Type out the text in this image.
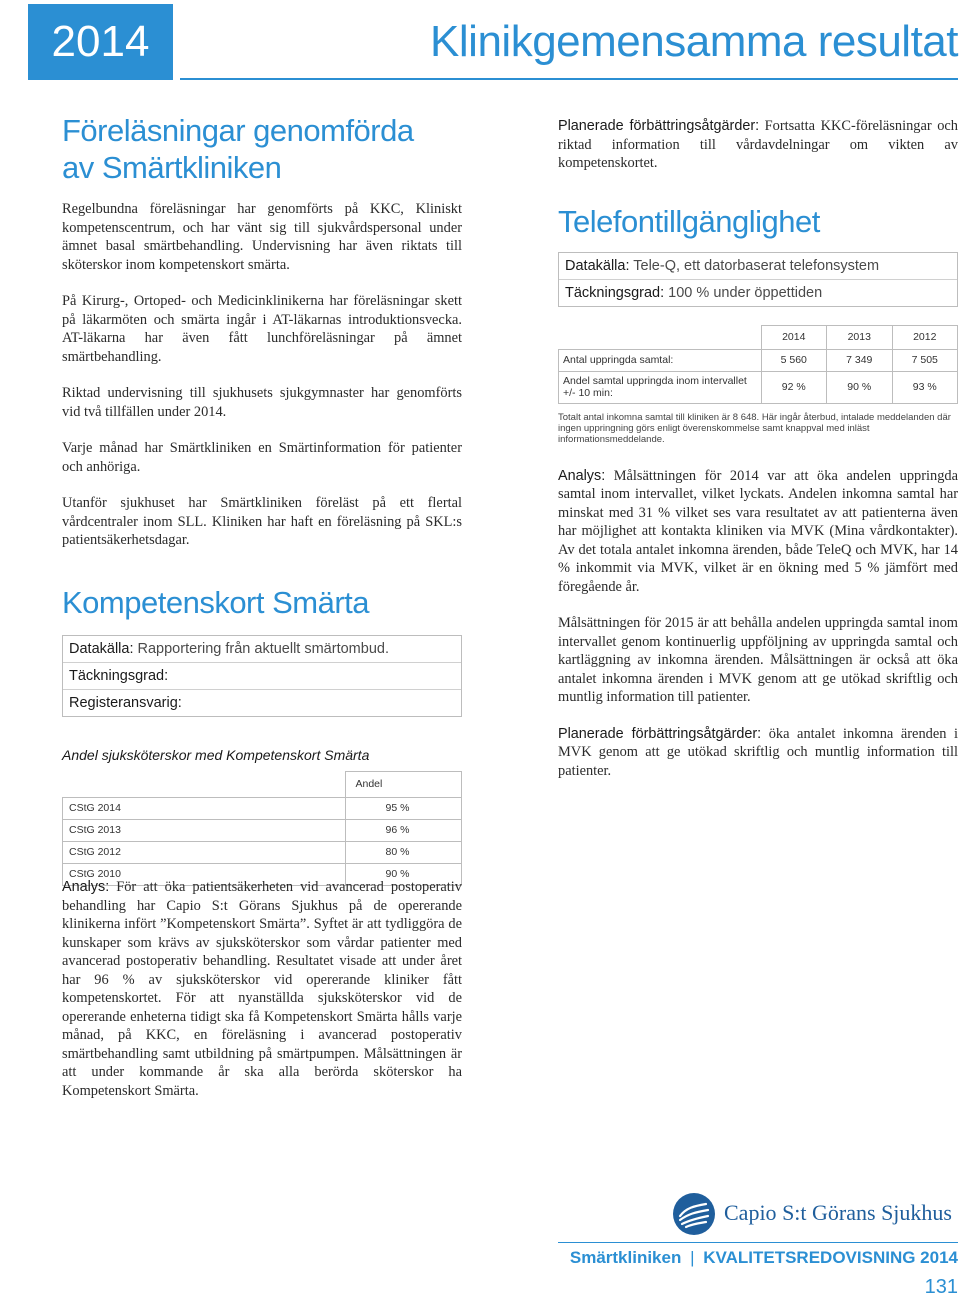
2014	Klinikgemensamma resultat
Föreläsningar genomförda
av Smärtkliniken

Regelbundna föreläsningar har genomförts på KKC, Kliniskt kompetenscentrum, och har vänt sig till sjukvårdspersonal under ämnet basal smärtbehandling. Undervisning har även riktats till sköterskor inom kompetenskort smärta.

På Kirurg-, Ortoped- och Medicinklinikerna har föreläsningar skett på läkarmöten och smärta ingår i AT-läkarnas introduktionsvecka. AT-läkarna har även fått lunchföreläsningar på ämnet smärtbehandling.

Riktad undervisning till sjukhusets sjukgymnaster har genomförts vid två tillfällen under 2014.

Varje månad har Smärtkliniken en Smärtinformation för patienter och anhöriga.

Utanför sjukhuset har Smärtkliniken föreläst på ett flertal vårdcentraler inom SLL. Kliniken har haft en föreläsning på SKL:s patientsäkerhetsdagar.

Kompetenskort Smärta
Datakälla: Rapportering från aktuellt smärtombud.
Täckningsgrad:
Registeransvarig:
Andel sjuksköterskor med Kompetenskort Smärta
	Andel
CStG 2014	95 %
CStG 2013	96 %
CStG 2012	80 %
CStG 2010	90 %

Analys: För att öka patientsäkerheten vid avancerad postoperativ behandling har Capio S:t Görans Sjukhus på de opererande klinikerna infört ”Kompetenskort Smärta”. Syftet är att tydliggöra de kunskaper som krävs av sjuksköterskor som vårdar patienter med avancerad postoperativ behandling. Resultatet visade att under året har 96 % av sjuksköterskor vid opererande kliniker fått kompetenskortet. För att nyanställda sjuksköterskor vid de opererande enheterna tidigt ska få Kompetenskort Smärta hålls varje månad, på KKC, en föreläsning i avancerad postoperativ smärtbehandling samt utbildning på smärtpumpen. Målsättningen är att under kommande år ska alla berörda sköterskor ha Kompetenskort Smärta.

Planerade förbättringsåtgärder: Fortsatta KKC-föreläsningar och riktad information till vårdavdelningar om vikten av kompetenskortet.

Telefontillgänglighet
Datakälla: Tele-Q, ett datorbaserat telefonsystem
Täckningsgrad: 100 % under öppettiden
	2014	2013	2012
Antal uppringda samtal:	5 560	7 349	7 505
Andel samtal uppringda inom intervallet +/- 10 min:	92 %	90 %	93 %
Totalt antal inkomna samtal till kliniken är 8 648. Här ingår återbud, intalade meddelanden där ingen uppringning görs enligt överenskommelse samt knappval med inläst informationsmeddelande.

Analys: Målsättningen för 2014 var att öka andelen uppringda samtal inom intervallet, vilket lyckats. Andelen inkomna samtal har minskat med 31 % vilket ses vara resultatet av att patienterna även har möjlighet att kontakta kliniken via MVK (Mina vårdkontakter). Av det totala antalet inkomna ärenden, både TeleQ och MVK, har 14 % inkommit via MVK, vilket är en ökning med 5 % jämfört med föregående år.

Målsättningen för 2015 är att behålla andelen uppringda samtal inom intervallet genom kontinuerlig uppföljning av uppringda samtal och kartläggning av inkomna ärenden. Målsättningen är också att öka antalet inkomna ärenden i MVK genom att ge utökad skriftlig och muntlig information till patienter.

Planerade förbättringsåtgärder: öka antalet inkomna ärenden i MVK genom att ge utökad skriftlig och muntlig information till patienter.

Capio S:t Görans Sjukhus
Smärtkliniken | KVALITETSREDOVISNING 2014
131
